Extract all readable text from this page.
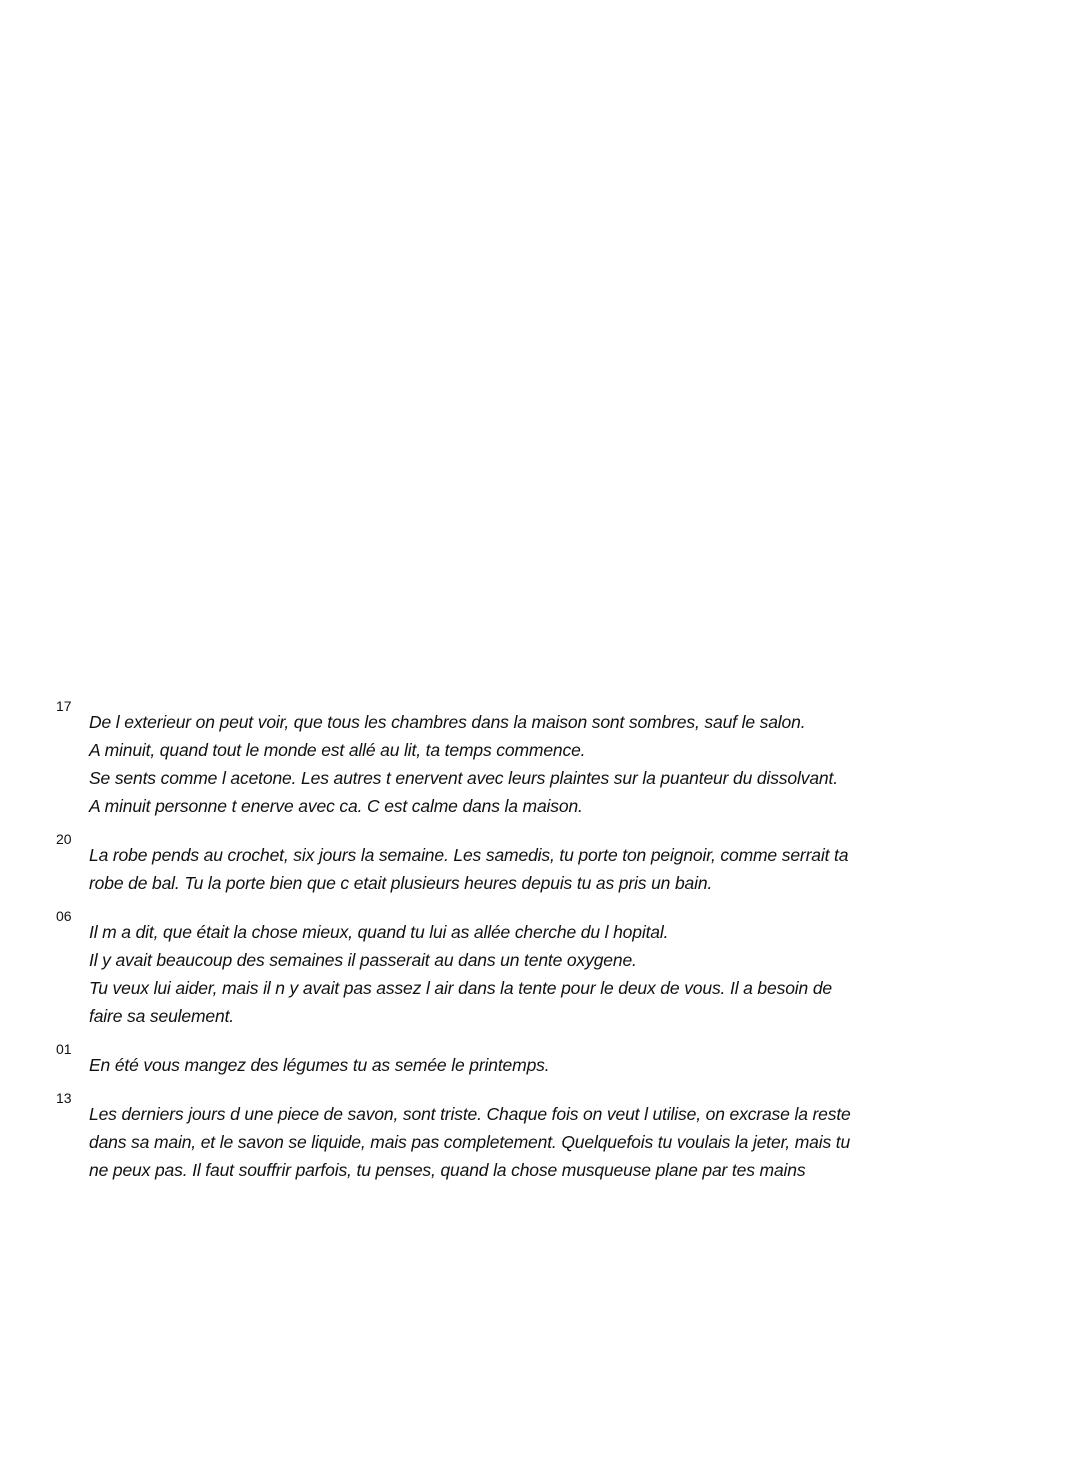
17
De l exterieur on peut voir, que tous les chambres dans la maison sont sombres, sauf le salon.
A minuit, quand tout le monde est allé au lit, ta temps commence.
Se sents comme l acetone. Les autres t enervent avec leurs plaintes sur la puanteur du dissolvant.
A minuit personne t enerve avec ca. C est calme dans la maison.
20
La robe pends au crochet, six jours la semaine. Les samedis, tu porte ton peignoir, comme serrait ta
robe de bal. Tu la porte bien que c etait plusieurs heures depuis tu as pris un bain.
06
Il m a dit, que était la chose mieux, quand tu lui as allée cherche du l hopital.
Il y avait beaucoup des semaines il passerait au dans un tente oxygene.
Tu veux lui aider, mais il n y avait pas assez l air dans la tente pour le deux de vous. Il a besoin de
faire sa seulement.
01
En été vous mangez des légumes tu as semée le printemps.
13
Les derniers jours d une piece de savon, sont triste. Chaque fois on veut l utilise, on excrase la reste
dans sa main, et le savon se liquide, mais pas completement. Quelquefois tu voulais la jeter, mais tu
ne peux pas. Il faut souffrir parfois, tu penses, quand la chose musqueuse plane par tes mains
